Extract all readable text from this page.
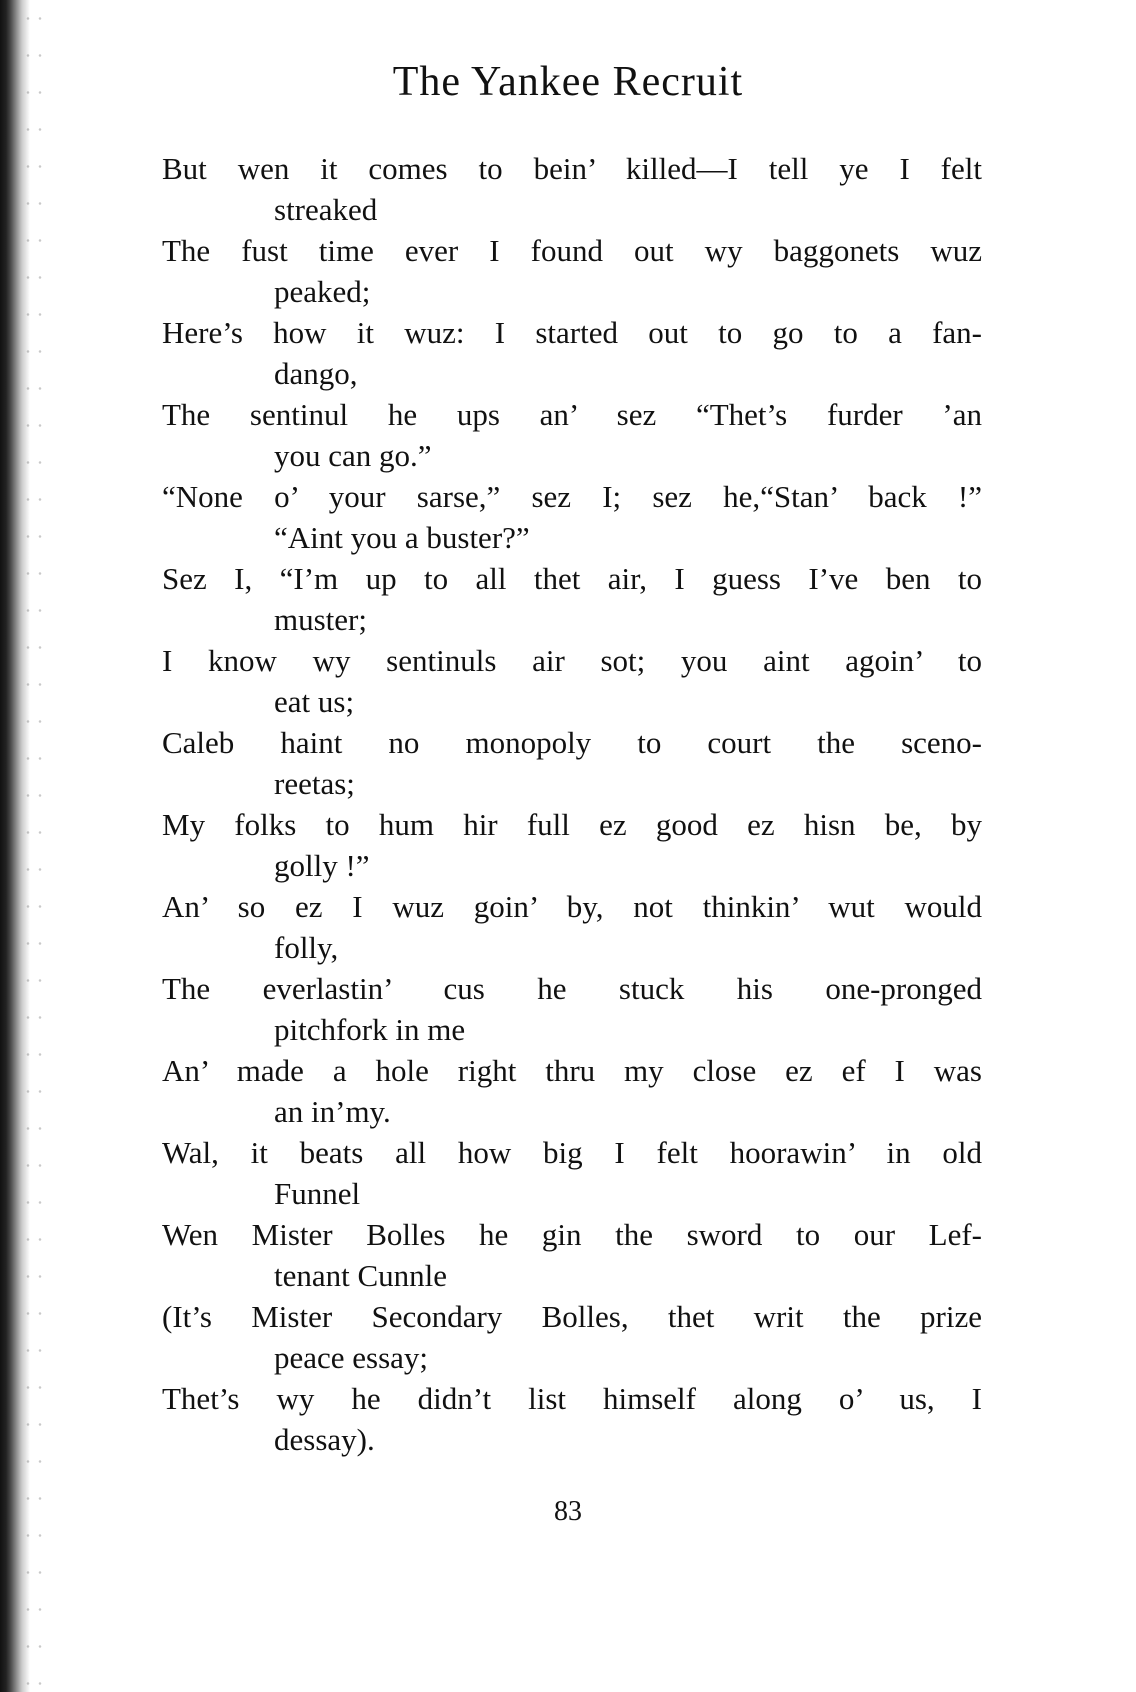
The Yankee Recruit

But wen it comes to bein’ killed—I tell ye I felt
streaked

The fust time ever I found out wy baggonets wuz
peaked;

Here’s how it wuz: I started out to go to a fan-
dango,

The sentinul he ups an’ sez “Thet’s furder ’an
you can go.”

“None o’ your sarse,” sez I; sez he,“Stan’ back !”
“Aint you a buster?”

Sez I, “I’m up to all thet air, I guess I’ve ben to
muster;

I know wy sentinuls air sot; you aint agoin’ to
eat us;

Caleb haint no monopoly to court the sceno-
reetas;

My folks to hum hir full ez good ez hisn be, by
golly !”

An’ so ez I wuz goin’ by, not thinkin’ wut would
folly,

The everlastin’ cus he stuck his one-pronged
pitchfork in me

An’ made a hole right thru my close ez ef I was
an in’my.

Wal, it beats all how big I felt hoorawin’ in old
Funnel

Wen Mister Bolles he gin the sword to our Lef-
tenant Cunnle

(It’s Mister Secondary Bolles, thet writ the prize
peace essay;

Thet’s wy he didn’t list himself along o’ us, I
dessay).

83
